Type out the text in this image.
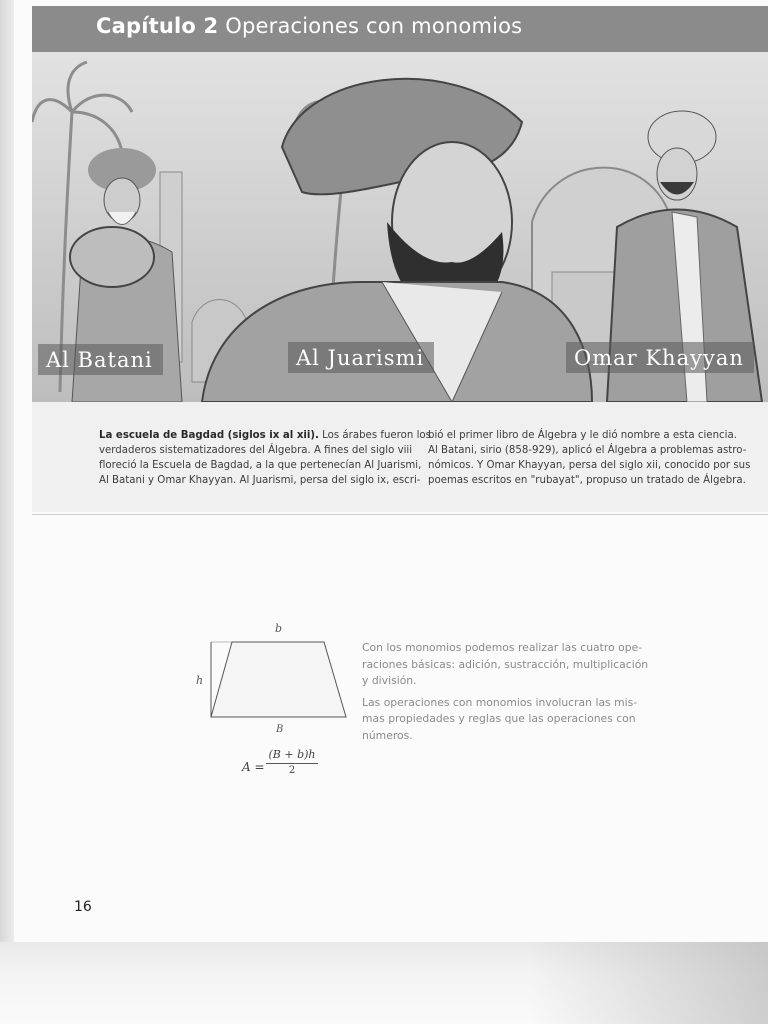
Capítulo 2 Operaciones con monomios
Al Batani	Al Juarismi	Omar Khayyan
La escuela de Bagdad (siglos ix al xii). Los árabes fueron los
verdaderos sistematizadores del Álgebra. A fines del siglo viii
floreció la Escuela de Bagdad, a la que pertenecían Al Juarismi,
Al Batani y Omar Khayyan. Al Juarismi, persa del siglo ix, escri-
bió el primer libro de Álgebra y le dió nombre a esta ciencia.
Al Batani, sirio (858-929), aplicó el Álgebra a problemas astro-
nómicos. Y Omar Khayyan, persa del siglo xii, conocido por sus
poemas escritos en "rubayat", propuso un tratado de Álgebra.
b
h
B
A =
(B + b)h
2

Con los monomios podemos realizar las cuatro ope-
raciones básicas: adición, sustracción, multiplicación
y división.

Las operaciones con monomios involucran las mis-
mas propiedades y reglas que las operaciones con
números.

16
